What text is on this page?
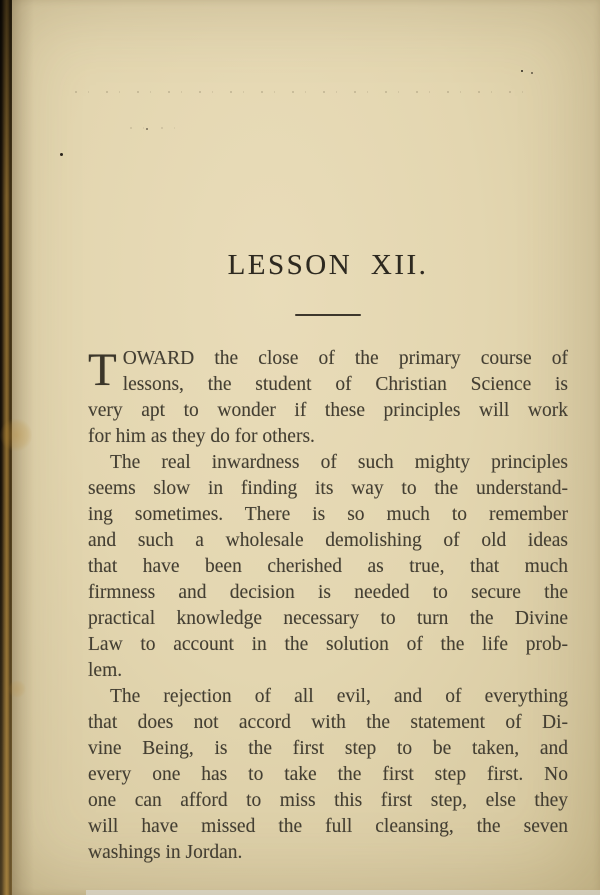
LESSON XII.
T OWARD the close of the primary course of
lessons, the student of Christian Science is
very apt to wonder if these principles will work
for him as they do for others.
The real inwardness of such mighty principles
seems slow in finding its way to the understand-
ing sometimes. There is so much to remember
and such a wholesale demolishing of old ideas
that have been cherished as true, that much
firmness and decision is needed to secure the
practical knowledge necessary to turn the Divine
Law to account in the solution of the life prob-
lem.
The rejection of all evil, and of everything
that does not accord with the statement of Di-
vine Being, is the first step to be taken, and
every one has to take the first step first. No
one can afford to miss this first step, else they
will have missed the full cleansing, the seven
washings in Jordan.
